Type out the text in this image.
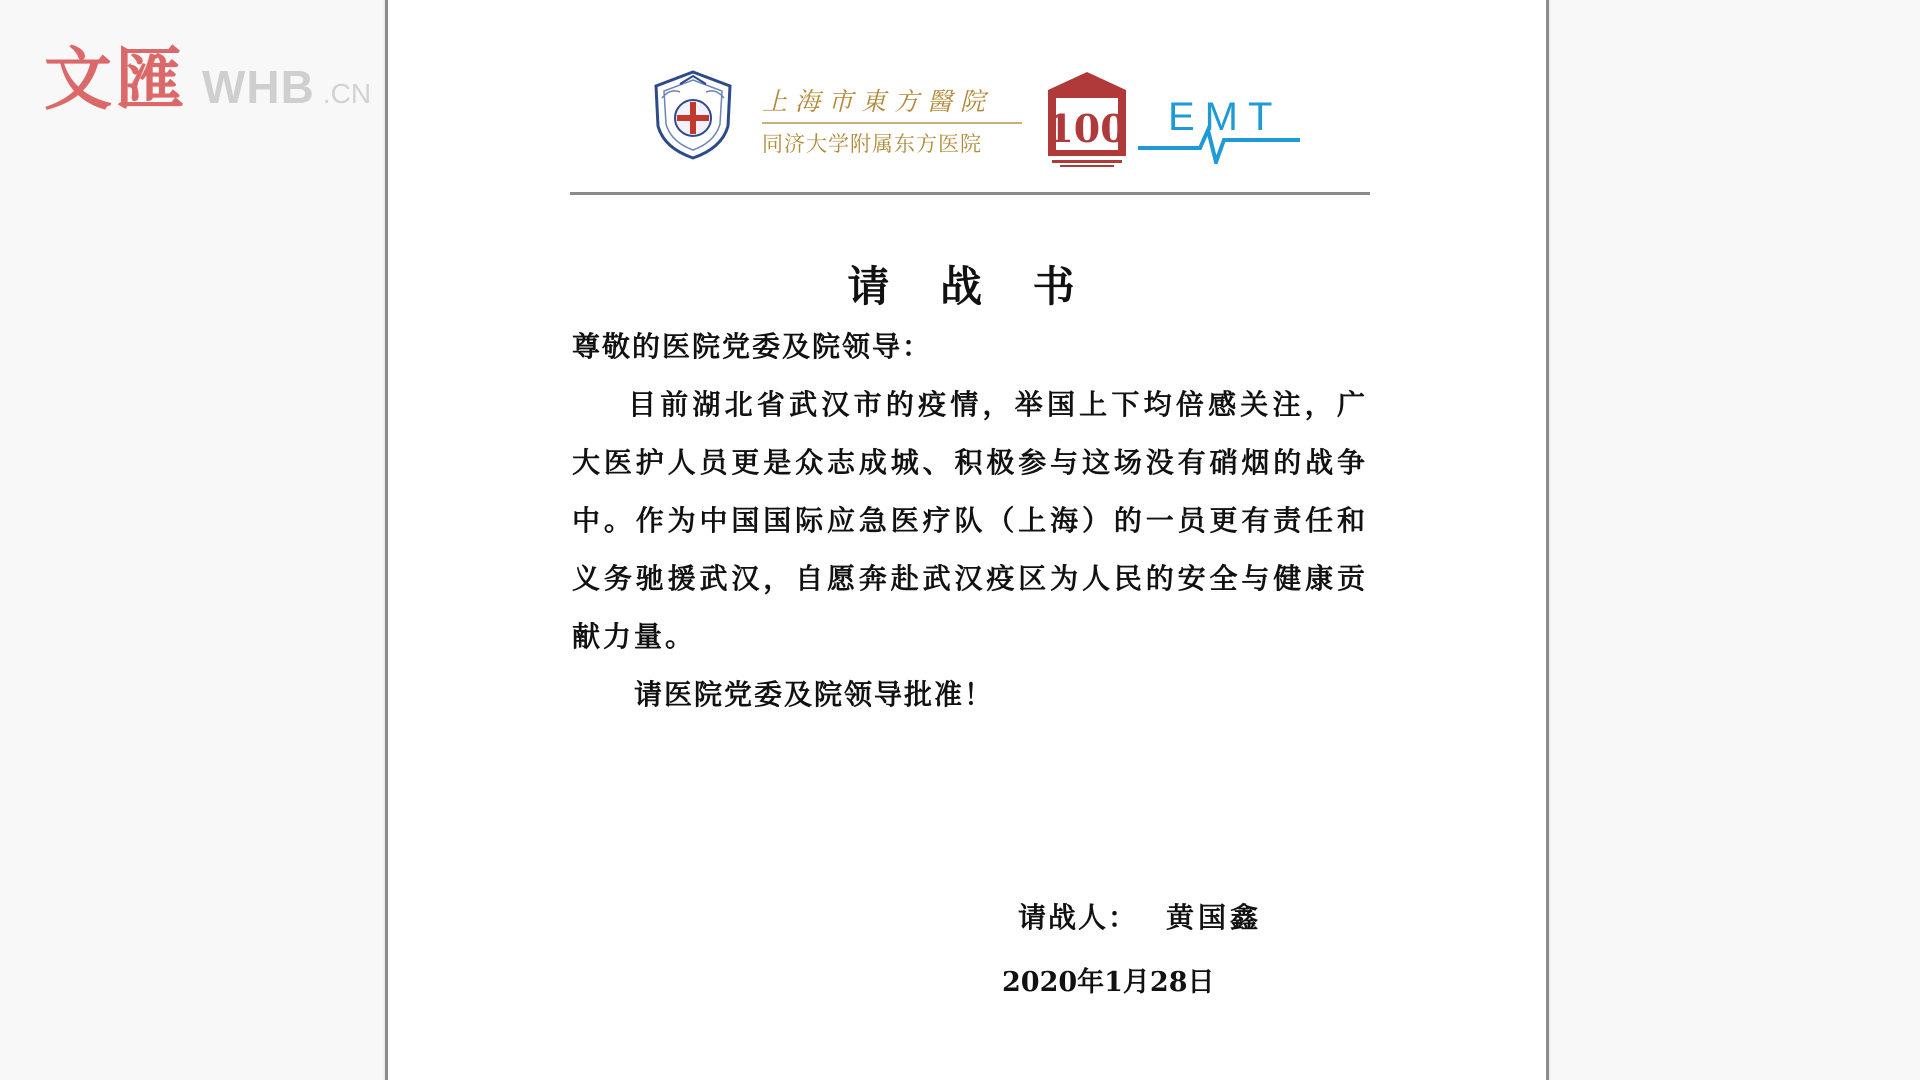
文匯 WHB .CN	上海市東方醫院
同济大学附属东方医院	100 EMT
请 战 书

尊敬的医院党委及院领导：

目前湖北省武汉市的疫情，举国上下均倍感关注，广大医护人员更是众志成城、积极参与这场没有硝烟的战争中。作为中国国际应急医疗队（上海）的一员更有责任和义务驰援武汉，自愿奔赴武汉疫区为人民的安全与健康贡献力量。

请医院党委及院领导批准！

请战人： 黄国鑫
2020年1月28日
